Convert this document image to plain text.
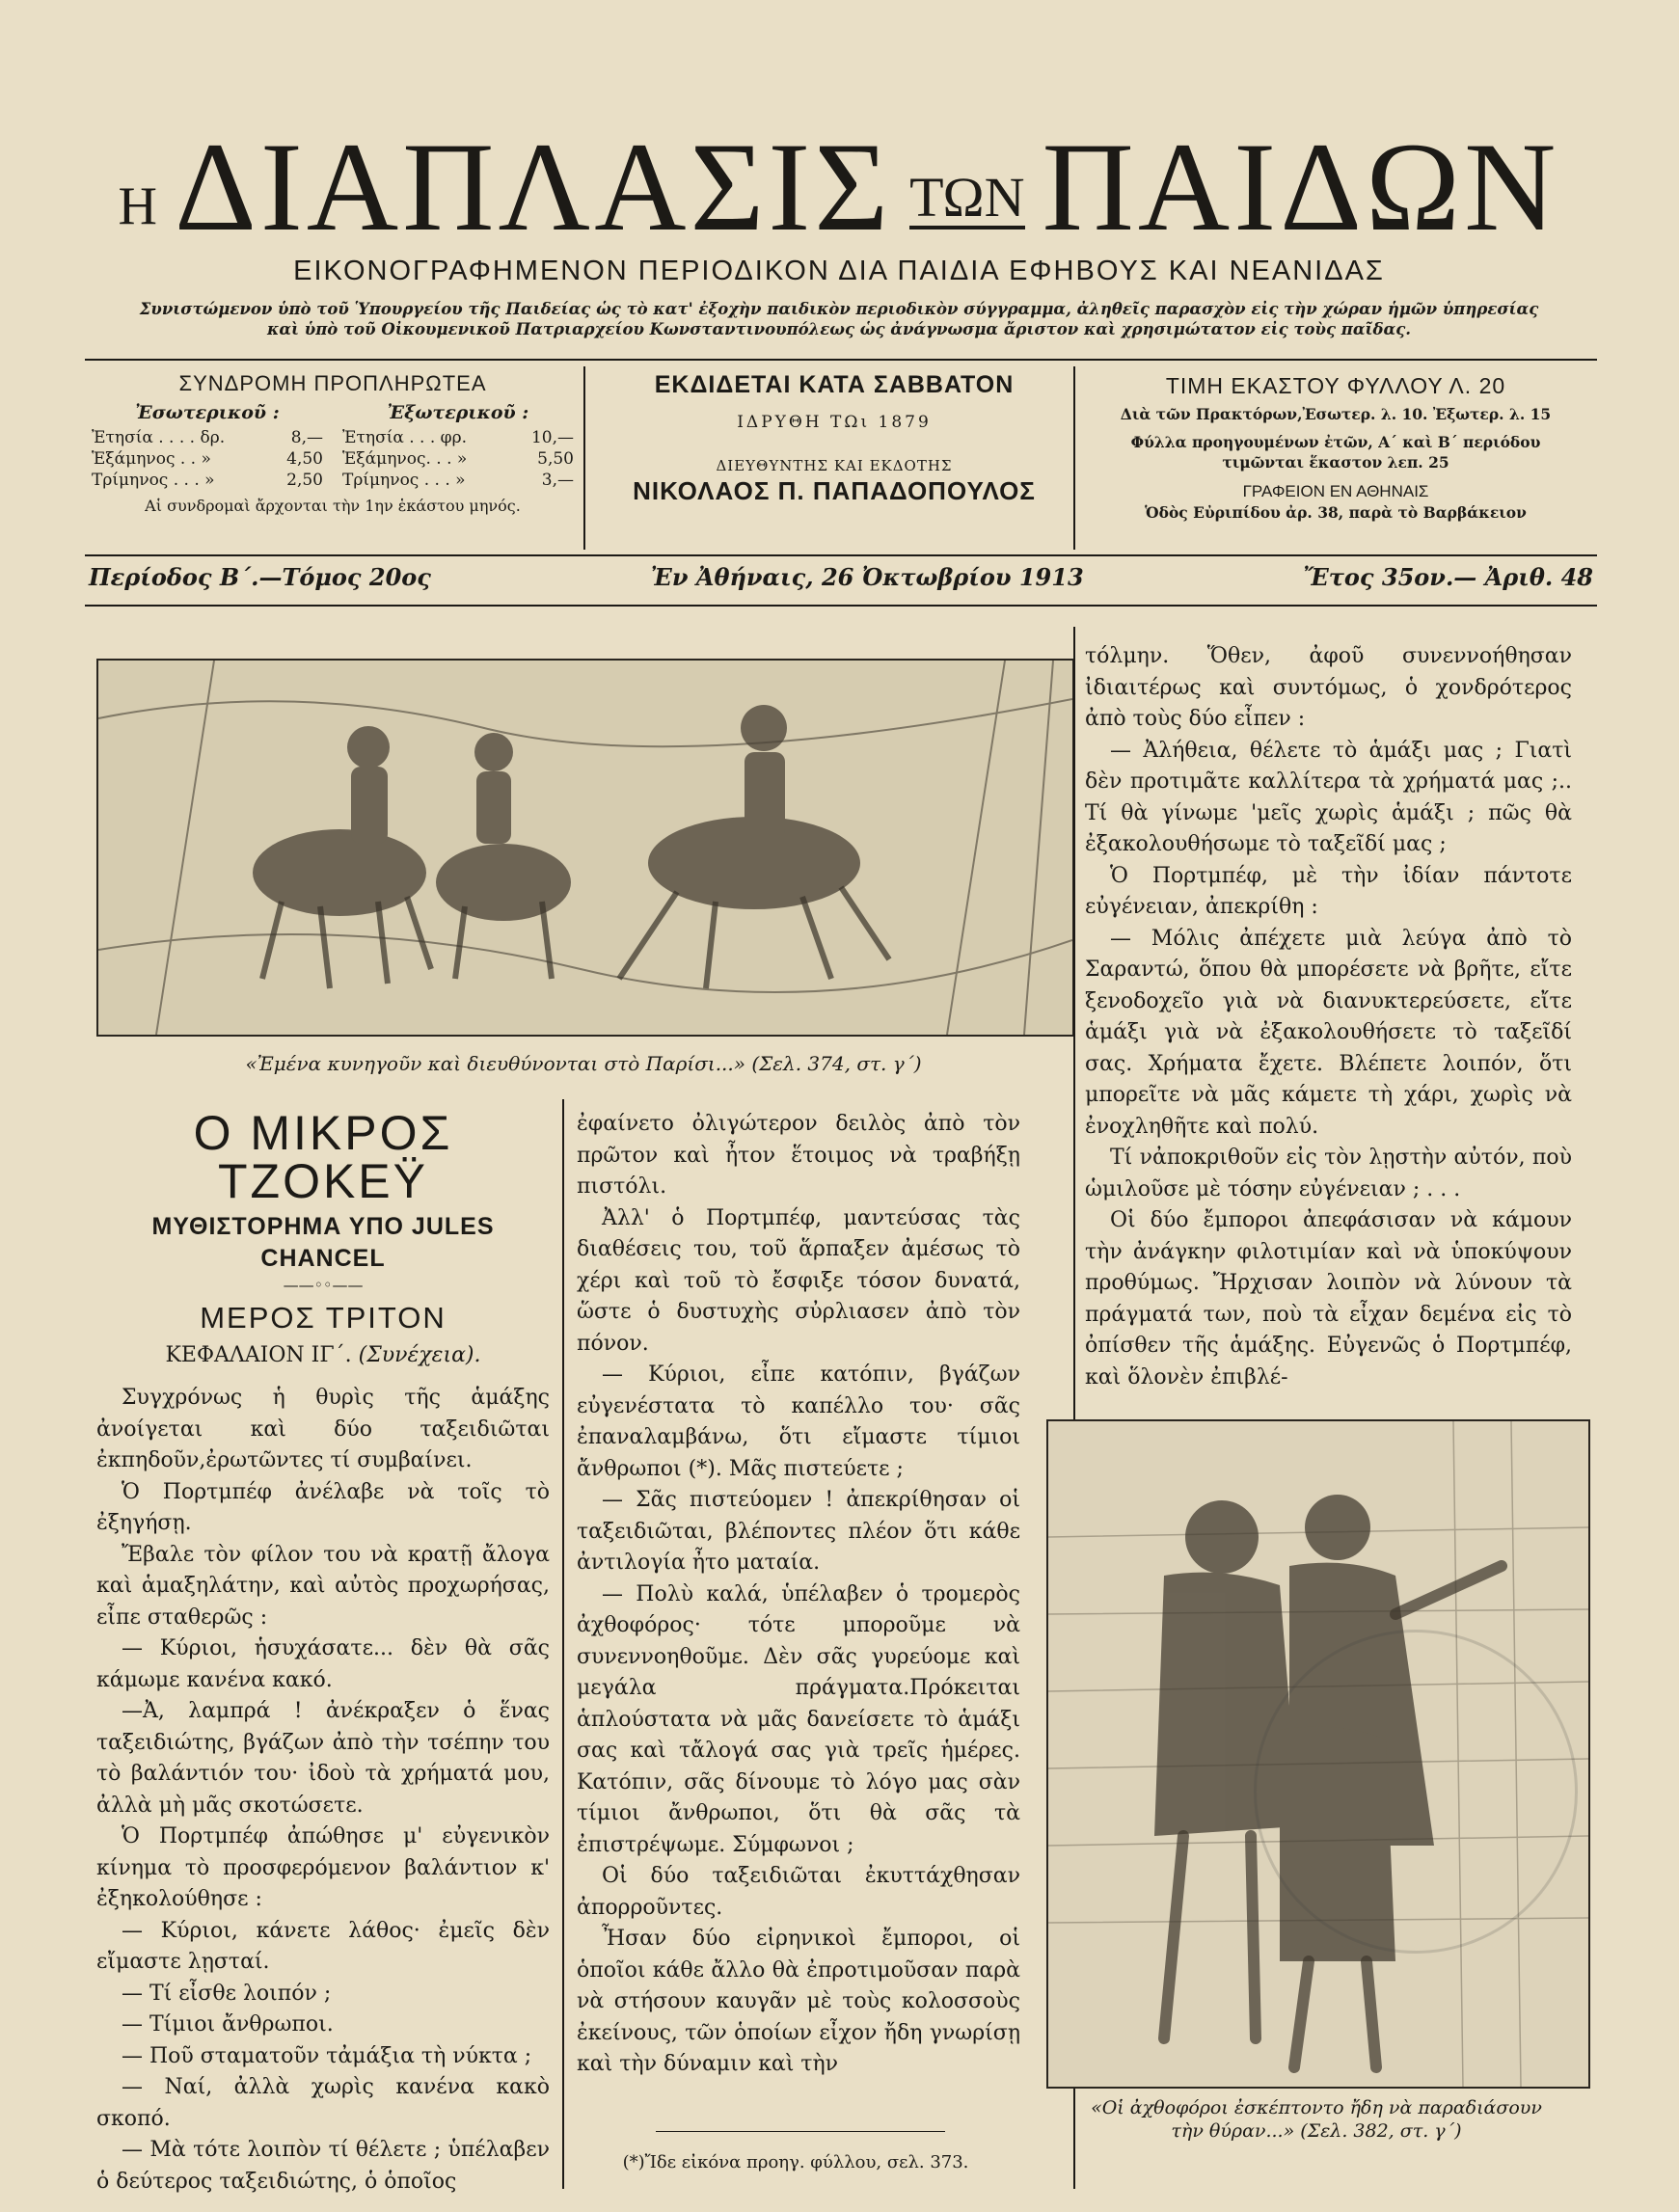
Η ΔΙΑΠΛΑΣΙΣ ΤΩΝ ΠΑΙΔΩΝ
ΕΙΚΟΝΟΓΡΑΦΗΜΕΝΟΝ ΠΕΡΙΟΔΙΚΟΝ ΔΙΑ ΠΑΙΔΙΑ ΕΦΗΒΟΥΣ ΚΑΙ ΝΕΑΝΙΔΑΣ
Συνιστώμενον ὑπὸ τοῦ Ὑπουργείου τῆς Παιδείας ὡς τὸ κατ' ἐξοχὴν παιδικὸν περιοδικὸν σύγγραμμα, ἀληθεῖς παρασχὸν εἰς τὴν χώραν ἡμῶν ὑπηρεσίας
καὶ ὑπὸ τοῦ Οἰκουμενικοῦ Πατριαρχείου Κωνσταντινουπόλεως ὡς ἀνάγνωσμα ἄριστον καὶ χρησιμώτατον εἰς τοὺς παῖδας.
ΣΥΝΔΡΟΜΗ ΠΡΟΠΛΗΡΩΤΕΑ
Ἐσωτερικοῦ :
Ἐτησία . . . . δρ.	8,—
Ἑξάμηνος . . »	4,50
Τρίμηνος . . . »	2,50
Ἐξωτερικοῦ :
Ἐτησία . . . φρ.	10,—
Ἑξάμηνος. . . »	5,50
Τρίμηνος . . . »	3,—
Αἱ συνδρομαὶ ἄρχονται τὴν 1ην ἑκάστου μηνός.
ΕΚΔΙΔΕΤΑΙ ΚΑΤΑ ΣΑΒΒΑΤΟΝ
ΙΔΡΥΘΗ ΤΩι 1879
ΔΙΕΥΘΥΝΤΗΣ ΚΑΙ ΕΚΔΟΤΗΣ
ΝΙΚΟΛΑΟΣ Π. ΠΑΠΑΔΟΠΟΥΛΟΣ
ΤΙΜΗ ΕΚΑΣΤΟΥ ΦΥΛΛΟΥ Λ. 20
Διὰ τῶν Πρακτόρων,Ἐσωτερ. λ. 10. Ἐξωτερ. λ. 15
Φύλλα προηγουμένων ἐτῶν, Α΄ καὶ Β΄ περιόδου
τιμῶνται ἕκαστον λεπ. 25
ΓΡΑΦΕΙΟΝ ΕΝ ΑΘΗΝΑΙΣ
Ὁδὸς Εὐριπίδου ἀρ. 38, παρὰ τὸ Βαρβάκειον
Περίοδος Β΄.—Τόμος 20ος	Ἐν Ἀθήναις, 26 Ὀκτωβρίου 1913	Ἔτος 35ον.— Ἀριθ. 48
«Ἐμένα κυνηγοῦν καὶ διευθύνονται στὸ Παρίσι...» (Σελ. 374, στ. γ΄)
Ο ΜΙΚΡΟΣ ΤΖΟΚΕΫ
ΜΥΘΙΣΤΟΡΗΜΑ ΥΠΟ JULES CHANCEL
——◦◦——
ΜΕΡΟΣ ΤΡΙΤΟΝ
ΚΕΦΑΛΑΙΟΝ ΙΓ΄. (Συνέχεια).

Συγχρόνως ἡ θυρὶς τῆς ἁμάξης ἀνοίγεται καὶ δύο ταξειδιῶται ἐκπηδοῦν,ἐρωτῶντες τί συμβαίνει.

Ὁ Πορτμπέφ ἀνέλαβε νὰ τοῖς τὸ ἐξηγήσῃ.

Ἔβαλε τὸν φίλον του νὰ κρατῇ ἄλογα καὶ ἁμαξηλάτην, καὶ αὐτὸς προχωρήσας, εἶπε σταθερῶς :

— Κύριοι, ἡσυχάσατε... δὲν θὰ σᾶς κάμωμε κανένα κακό.

—Ἀ, λαμπρά ! ἀνέκραξεν ὁ ἕνας ταξειδιώτης, βγάζων ἀπὸ τὴν τσέπην του τὸ βαλάντιόν του· ἰδοὺ τὰ χρήματά μου, ἀλλὰ μὴ μᾶς σκοτώσετε.

Ὁ Πορτμπέφ ἀπώθησε μ' εὐγενικὸν κίνημα τὸ προσφερόμενον βαλάντιον κ' ἐξηκολούθησε :

— Κύριοι, κάνετε λάθος· ἐμεῖς δὲν εἴμαστε λῃσταί.

— Τί εἶσθε λοιπόν ;

— Τίμιοι ἄνθρωποι.

— Ποῦ σταματοῦν τἀμάξια τὴ νύκτα ;

— Ναί, ἀλλὰ χωρὶς κανένα κακὸ σκοπό.

— Μὰ τότε λοιπὸν τί θέλετε ; ὑπέλαβεν ὁ δεύτερος ταξειδιώτης, ὁ ὁποῖος

ἐφαίνετο ὀλιγώτερον δειλὸς ἀπὸ τὸν πρῶτον καὶ ἦτον ἕτοιμος νὰ τραβήξῃ πιστόλι.

Ἀλλ' ὁ Πορτμπέφ, μαντεύσας τὰς διαθέσεις του, τοῦ ἅρπαξεν ἀμέσως τὸ χέρι καὶ τοῦ τὸ ἔσφιξε τόσον δυνατά, ὥστε ὁ δυστυχὴς σὐρλιασεν ἀπὸ τὸν πόνον.

— Κύριοι, εἶπε κατόπιν, βγάζων εὐγενέστατα τὸ καπέλλο του· σᾶς ἐπαναλαμβάνω, ὅτι εἴμαστε τίμιοι ἄνθρωποι (*). Μᾶς πιστεύετε ;

— Σᾶς πιστεύομεν ! ἀπεκρίθησαν οἱ ταξειδιῶται, βλέποντες πλέον ὅτι κάθε ἀντιλογία ἦτο ματαία.

— Πολὺ καλά, ὑπέλαβεν ὁ τρομερὸς ἀχθοφόρος· τότε μποροῦμε νὰ συνεννοηθοῦμε. Δὲν σᾶς γυρεύομε καὶ μεγάλα πράγματα.Πρόκειται ἁπλούστατα νὰ μᾶς δανείσετε τὸ ἁμάξι σας καὶ τἄλογά σας γιὰ τρεῖς ἡμέρες. Κατόπιν, σᾶς δίνουμε τὸ λόγο μας σὰν τίμιοι ἄνθρωποι, ὅτι θὰ σᾶς τὰ ἐπιστρέψωμε. Σύμφωνοι ;

Οἱ δύο ταξειδιῶται ἐκυττάχθησαν ἀπορροῦντες.

Ἦσαν δύο εἰρηνικοὶ ἔμποροι, οἱ ὁποῖοι κάθε ἄλλο θὰ ἐπροτιμοῦσαν παρὰ νὰ στήσουν καυγᾶν μὲ τοὺς κολοσσοὺς ἐκείνους, τῶν ὁποίων εἶχον ἤδη γνωρίσῃ καὶ τὴν δύναμιν καὶ τὴν

(*)Ἴδε εἰκόνα προηγ. φύλλου, σελ. 373.

τόλμην. Ὅθεν, ἀφοῦ συνεννοήθησαν ἰδιαιτέρως καὶ συντόμως, ὁ χονδρότερος ἀπὸ τοὺς δύο εἶπεν :

— Ἀλήθεια, θέλετε τὸ ἁμάξι μας ; Γιατὶ δὲν προτιμᾶτε καλλίτερα τὰ χρήματά μας ;.. Τί θὰ γίνωμε 'μεῖς χωρὶς ἁμάξι ; πῶς θὰ ἐξακολουθήσωμε τὸ ταξεῖδί μας ;

Ὁ Πορτμπέφ, μὲ τὴν ἰδίαν πάντοτε εὐγένειαν, ἀπεκρίθη :

— Μόλις ἀπέχετε μιὰ λεύγα ἀπὸ τὸ Σαραντώ, ὅπου θὰ μπορέσετε νὰ βρῆτε, εἴτε ξενοδοχεῖο γιὰ νὰ διανυκτερεύσετε, εἴτε ἁμάξι γιὰ νὰ ἐξακολουθήσετε τὸ ταξεῖδί σας. Χρήματα ἔχετε. Βλέπετε λοιπόν, ὅτι μπορεῖτε νὰ μᾶς κάμετε τὴ χάρι, χωρὶς νὰ ἐνοχληθῆτε καὶ πολύ.

Τί νἀποκριθοῦν εἰς τὸν λῃστὴν αὐτόν, ποὺ ὡμιλοῦσε μὲ τόσην εὐγένειαν ; . . .

Οἱ δύο ἔμποροι ἀπεφάσισαν νὰ κάμουν τὴν ἀνάγκην φιλοτιμίαν καὶ νὰ ὑποκύψουν προθύμως. Ἤρχισαν λοιπὸν νὰ λύνουν τὰ πράγματά των, ποὺ τὰ εἶχαν δεμένα εἰς τὸ ὀπίσθεν τῆς ἁμάξης. Εὐγενῶς ὁ Πορτμπέφ, καὶ ὅλονὲν ἐπιβλέ-

«Οἱ ἀχθοφόροι ἐσκέπτοντο ἤδη νὰ παραδιάσουν
τὴν θύραν...» (Σελ. 382, στ. γ΄)
